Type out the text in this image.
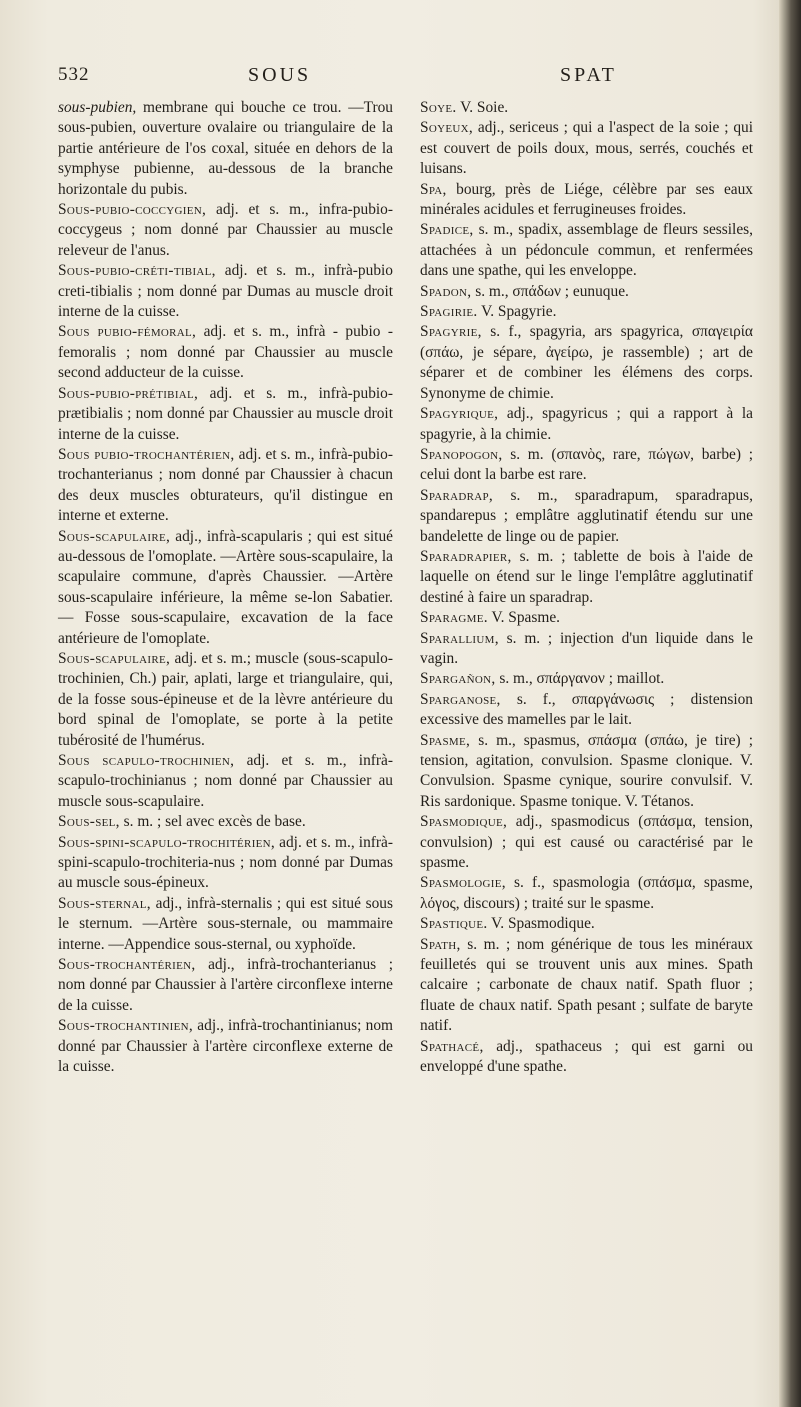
532	SOUS	SPAT

sous-pubien, membrane qui bouche ce trou. —Trou sous-pubien, ouverture ovalaire ou triangulaire de la partie antérieure de l'os coxal, située en dehors de la symphyse pubienne, au-dessous de la branche horizontale du pubis.

Sous-pubio-coccygien, adj. et s. m., infra-pubio-coccygeus ; nom donné par Chaussier au muscle releveur de l'anus.

Sous-pubio-créti-tibial, adj. et s. m., infrà-pubio creti-tibialis ; nom donné par Dumas au muscle droit interne de la cuisse.

Sous pubio-fémoral, adj. et s. m., infrà - pubio - femoralis ; nom donné par Chaussier au muscle second adducteur de la cuisse.

Sous-pubio-prétibial, adj. et s. m., infrà-pubio-prætibialis ; nom donné par Chaussier au muscle droit interne de la cuisse.

Sous pubio-trochantérien, adj. et s. m., infrà-pubio-trochanterianus ; nom donné par Chaussier à chacun des deux muscles obturateurs, qu'il distingue en interne et externe.

Sous-scapulaire, adj., infrà-scapularis ; qui est situé au-dessous de l'omoplate. —Artère sous-scapulaire, la scapulaire commune, d'après Chaussier. —Artère sous-scapulaire inférieure, la même se-lon Sabatier. — Fosse sous-scapulaire, excavation de la face antérieure de l'omoplate.

Sous-scapulaire, adj. et s. m.; muscle (sous-scapulo-trochinien, Ch.) pair, aplati, large et triangulaire, qui, de la fosse sous-épineuse et de la lèvre antérieure du bord spinal de l'omoplate, se porte à la petite tubérosité de l'humérus.

Sous scapulo-trochinien, adj. et s. m., infrà-scapulo-trochinianus ; nom donné par Chaussier au muscle sous-scapulaire.

Sous-sel, s. m. ; sel avec excès de base.

Sous-spini-scapulo-trochitérien, adj. et s. m., infrà-spini-scapulo-trochiteria-nus ; nom donné par Dumas au muscle sous-épineux.

Sous-sternal, adj., infrà-sternalis ; qui est situé sous le sternum. —Artère sous-sternale, ou mammaire interne. —Appendice sous-sternal, ou xyphoïde.

Sous-trochantérien, adj., infrà-trochanterianus ; nom donné par Chaussier à l'artère circonflexe interne de la cuisse.

Sous-trochantinien, adj., infrà-trochantinianus; nom donné par Chaussier à l'artère circonflexe externe de la cuisse.

Soye. V. Soie.

Soyeux, adj., sericeus ; qui a l'aspect de la soie ; qui est couvert de poils doux, mous, serrés, couchés et luisans.

Spa, bourg, près de Liége, célèbre par ses eaux minérales acidules et ferrugineuses froides.

Spadice, s. m., spadix, assemblage de fleurs sessiles, attachées à un pédoncule commun, et renfermées dans une spathe, qui les enveloppe.

Spadon, s. m., σπάδων ; eunuque.

Spagirie. V. Spagyrie.

Spagyrie, s. f., spagyria, ars spagyrica, σπαγειρία (σπάω, je sépare, ἀγείρω, je rassemble) ; art de séparer et de combiner les élémens des corps. Synonyme de chimie.

Spagyrique, adj., spagyricus ; qui a rapport à la spagyrie, à la chimie.

Spanopogon, s. m. (σπανὸς, rare, πώγων, barbe) ; celui dont la barbe est rare.

Sparadrap, s. m., sparadrapum, sparadrapus, spandarepus ; emplâtre agglutinatif étendu sur une bandelette de linge ou de papier.

Sparadrapier, s. m. ; tablette de bois à l'aide de laquelle on étend sur le linge l'emplâtre agglutinatif destiné à faire un sparadrap.

Sparagme. V. Spasme.

Sparallium, s. m. ; injection d'un liquide dans le vagin.

Spargañon, s. m., σπάργανον ; maillot.

Sparganose, s. f., σπαργάνωσις ; distension excessive des mamelles par le lait.

Spasme, s. m., spasmus, σπάσμα (σπάω, je tire) ; tension, agitation, convulsion. Spasme clonique. V. Convulsion. Spasme cynique, sourire convulsif. V. Ris sardonique. Spasme tonique. V. Tétanos.

Spasmodique, adj., spasmodicus (σπάσμα, tension, convulsion) ; qui est causé ou caractérisé par le spasme.

Spasmologie, s. f., spasmologia (σπάσμα, spasme, λόγος, discours) ; traité sur le spasme.

Spastique. V. Spasmodique.

Spath, s. m. ; nom générique de tous les minéraux feuilletés qui se trouvent unis aux mines. Spath calcaire ; carbonate de chaux natif. Spath fluor ; fluate de chaux natif. Spath pesant ; sulfate de baryte natif.

Spathacé, adj., spathaceus ; qui est garni ou enveloppé d'une spathe.
